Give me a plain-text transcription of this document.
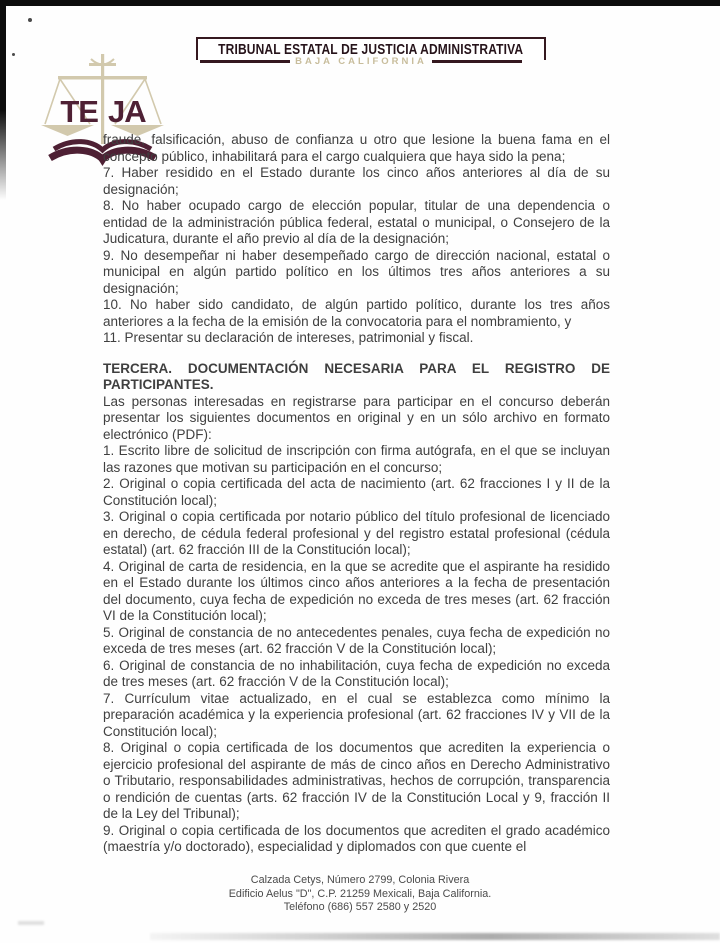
TE JA
TRIBUNAL ESTATAL DE JUSTICIA ADMINISTRATIVA
BAJA CALIFORNIA

fraude, falsificación, abuso de confianza u otro que lesione la buena fama en el concepto público, inhabilitará para el cargo cualquiera que haya sido la pena;

7. Haber residido en el Estado durante los cinco años anteriores al día de su designación;

8. No haber ocupado cargo de elección popular, titular de una dependencia o entidad de la administración pública federal, estatal o municipal, o Consejero de la Judicatura, durante el año previo al día de la designación;

9. No desempeñar ni haber desempeñado cargo de dirección nacional, estatal o municipal en algún partido político en los últimos tres años anteriores a su designación;

10. No haber sido candidato, de algún partido político, durante los tres años anteriores a la fecha de la emisión de la convocatoria para el nombramiento, y

11. Presentar su declaración de intereses, patrimonial y fiscal.

TERCERA. DOCUMENTACIÓN NECESARIA PARA EL REGISTRO DE PARTICIPANTES.

Las personas interesadas en registrarse para participar en el concurso deberán presentar los siguientes documentos en original y en un sólo archivo en formato electrónico (PDF):

1. Escrito libre de solicitud de inscripción con firma autógrafa, en el que se incluyan las razones que motivan su participación en el concurso;

2. Original o copia certificada del acta de nacimiento (art. 62 fracciones I y II de la Constitución local);

3. Original o copia certificada por notario público del título profesional de licenciado en derecho, de cédula federal profesional y del registro estatal profesional (cédula estatal) (art. 62 fracción III de la Constitución local);

4. Original de carta de residencia, en la que se acredite que el aspirante ha residido en el Estado durante los últimos cinco años anteriores a la fecha de presentación del documento, cuya fecha de expedición no exceda de tres meses (art. 62 fracción VI de la Constitución local);

5. Original de constancia de no antecedentes penales, cuya fecha de expedición no exceda de tres meses (art. 62 fracción V de la Constitución local);

6. Original de constancia de no inhabilitación, cuya fecha de expedición no exceda de tres meses (art. 62 fracción V de la Constitución local);

7. Currículum vitae actualizado, en el cual se establezca como mínimo la preparación académica y la experiencia profesional (art. 62 fracciones IV y VII de la Constitución local);

8. Original o copia certificada de los documentos que acrediten la experiencia o ejercicio profesional del aspirante de más de cinco años en Derecho Administrativo o Tributario, responsabilidades administrativas, hechos de corrupción, transparencia o rendición de cuentas (arts. 62 fracción IV de la Constitución Local y 9, fracción II de la Ley del Tribunal);

9. Original o copia certificada de los documentos que acrediten el grado académico (maestría y/o doctorado), especialidad y diplomados con que cuente el

Calzada Cetys, Número 2799, Colonia Rivera
Edificio Aelus "D", C.P. 21259 Mexicali, Baja California.
Teléfono (686) 557 2580 y 2520
